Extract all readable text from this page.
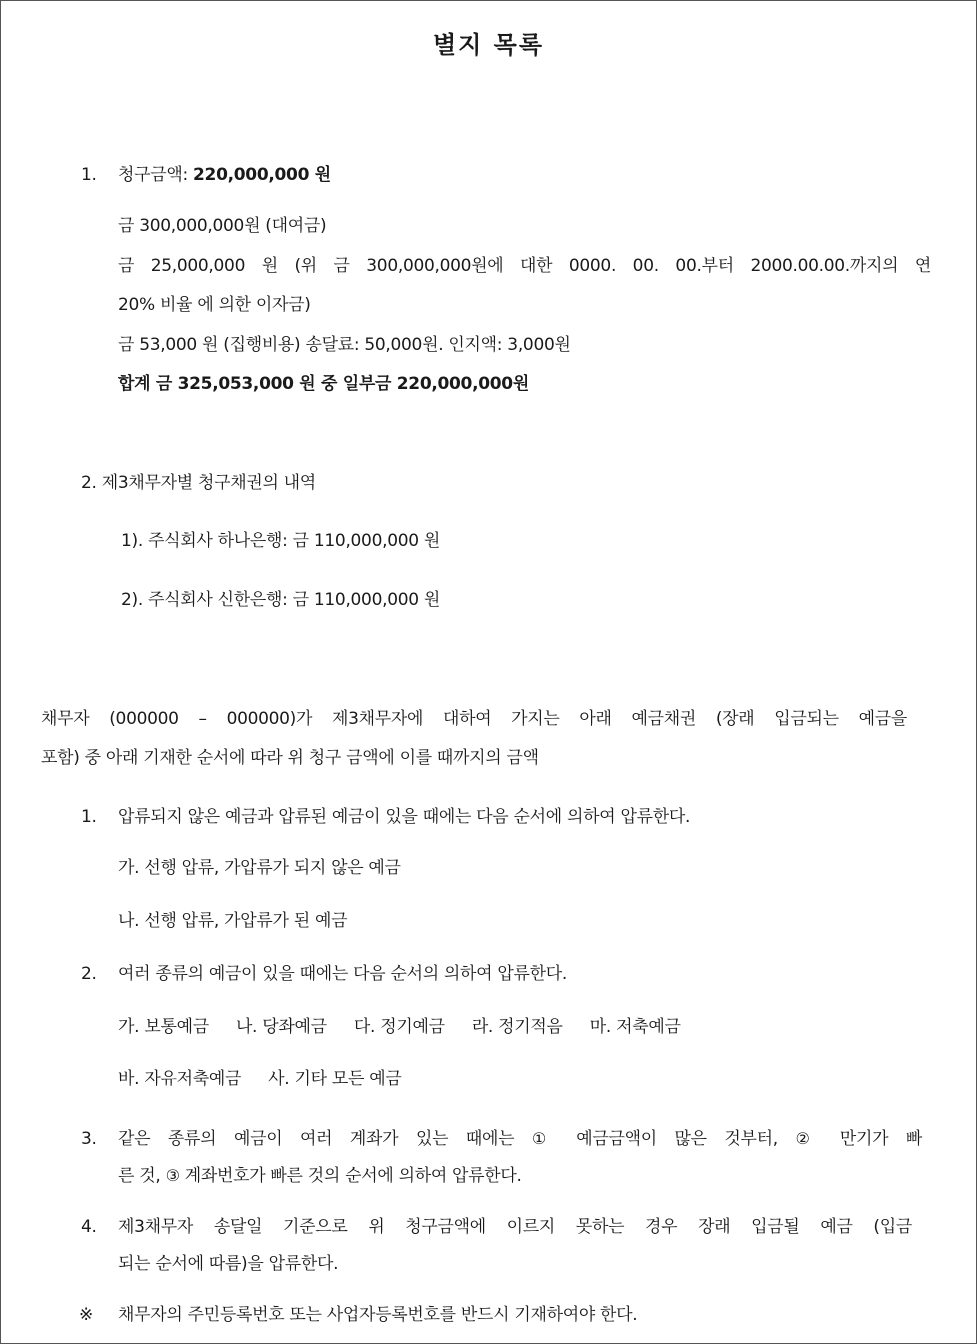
별지 목록
1. 청구금액: 220,000,000 원
금 300,000,000원 (대여금)
금 25,000,000 원 (위 금 300,000,000원에 대한 0000. 00. 00.부터 2000.00.00.까지의 연
20% 비율 에 의한 이자금)
금 53,000 원 (집행비용) 송달료: 50,000원. 인지액: 3,000원
합계 금 325,053,000 원 중 일부금 220,000,000원
2. 제3채무자별 청구채권의 내역
1). 주식회사 하나은행: 금 110,000,000 원
2). 주식회사 신한은행: 금 110,000,000 원
채무자 (000000 – 000000)가 제3채무자에 대하여 가지는 아래 예금채권 (장래 입금되는 예금을
포함) 중 아래 기재한 순서에 따라 위 청구 금액에 이를 때까지의 금액
1. 압류되지 않은 예금과 압류된 예금이 있을 때에는 다음 순서에 의하여 압류한다.
가. 선행 압류, 가압류가 되지 않은 예금
나. 선행 압류, 가압류가 된 예금
2. 여러 종류의 예금이 있을 때에는 다음 순서의 의하여 압류한다.
가. 보통예금 나. 당좌예금 다. 정기예금 라. 정기적음 마. 저축예금
바. 자유저축예금 사. 기타 모든 예금
3. 같은 종류의 예금이 여러 계좌가 있는 때에는 ① 예금금액이 많은 것부터, ② 만기가 빠
른 것, ③ 계좌번호가 빠른 것의 순서에 의하여 압류한다.
4. 제3채무자 송달일 기준으로 위 청구금액에 이르지 못하는 경우 장래 입금될 예금 (입금
되는 순서에 따름)을 압류한다.
※ 채무자의 주민등록번호 또는 사업자등록번호를 반드시 기재하여야 한다.
